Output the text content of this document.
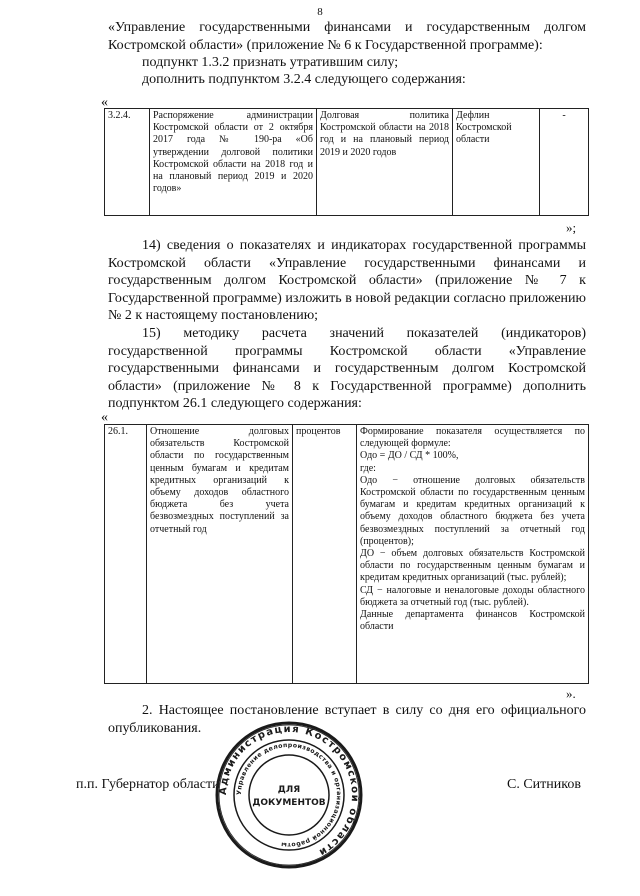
8
«Управление государственными финансами и государственным долгом Костромской области» (приложение № 6 к Государственной программе):
подпункт 1.3.2 признать утратившим силу;
дополнить подпунктом 3.2.4 следующего содержания:
«
3.2.4.	Распоряжение администрации Костромской области от 2 октября 2017 года № 190-ра «Об утверждении долговой политики Костромской области на 2018 год и на плановый период 2019 и 2020 годов»	Долговая политика Костромской области на 2018 год и на плановый период 2019 и 2020 годов	Дефлин Костромской области	-
»;
14) сведения о показателях и индикаторах государственной программы Костромской области «Управление государственными финансами и государственным долгом Костромской области» (приложение № 7 к Государственной программе) изложить в новой редакции согласно приложению № 2 к настоящему постановлению;
15) методику расчета значений показателей (индикаторов) государственной программы Костромской области «Управление государственными финансами и государственным долгом Костромской области» (приложение № 8 к Государственной программе) дополнить подпунктом 26.1 следующего содержания:
«
26.1.	Отношение долговых обязательств Костромской области по государственным ценным бумагам и кредитам кредитных организаций к объему доходов областного бюджета без учета безвозмездных поступлений за отчетный год	процентов	Формирование показателя осуществляется по следующей формуле:
Одо = ДО / СД * 100%,
где:
Одо − отношение долговых обязательств Костромской области по государственным ценным бумагам и кредитам кредитных организаций к объему доходов областного бюджета без учета безвозмездных поступлений за отчетный год (процентов);
ДО − объем долговых обязательств Костромской области по государственным ценным бумагам и кредитам кредитных организаций (тыс. рублей);
СД − налоговые и неналоговые доходы областного бюджета за отчетный год (тыс. рублей).
Данные департамента финансов Костромской области
».
2. Настоящее постановление вступает в силу со дня его официального опубликования.
п.п. Губернатор области	С. Ситников
Администрация Костромской области
Управление делопроизводства и организационной работы
ДЛЯ
ДОКУМЕНТОВ
